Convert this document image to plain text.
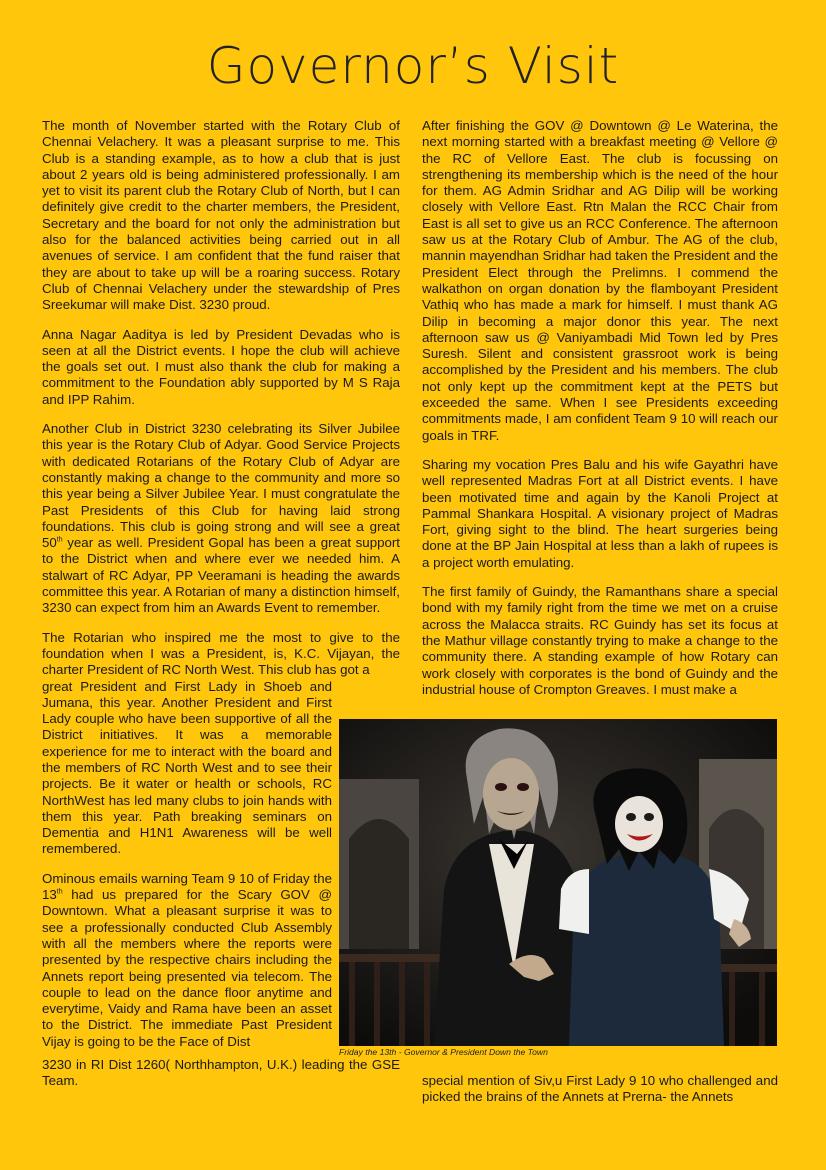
Governor’s Visit

The month of November started with the Rotary Club of Chennai Velachery. It was a pleasant surprise to me. This Club is a standing example, as to how a club that is just about 2 years old is being administered professionally. I am yet to visit its parent club the Rotary Club of North, but I can definitely give credit to the charter members, the President, Secretary and the board for not only the administration but also for the balanced activities being carried out in all avenues of service. I am confident that the fund raiser that they are about to take up will be a roaring success. Rotary Club of Chennai Velachery under the stewardship of Pres Sreekumar will make Dist. 3230 proud.

Anna Nagar Aaditya is led by President Devadas who is seen at all the District events. I hope the club will achieve the goals set out. I must also thank the club for making a commitment to the Foundation ably supported by M S Raja and IPP Rahim.

Another Club in District 3230 celebrating its Silver Jubilee this year is the Rotary Club of Adyar. Good Service Projects with dedicated Rotarians of the Rotary Club of Adyar are constantly making a change to the community and more so this year being a Silver Jubilee Year. I must congratulate the Past Presidents of this Club for having laid strong foundations. This club is going strong and will see a great 50th year as well. President Gopal has been a great support to the District when and where ever we needed him. A stalwart of RC Adyar, PP Veeramani is heading the awards committee this year. A Rotarian of many a distinction himself, 3230 can expect from him an Awards Event to remember.

The Rotarian who inspired me the most to give to the foundation when I was a President, is, K.C. Vijayan, the charter President of RC North West. This club has got a

great President and First Lady in Shoeb and Jumana, this year. Another President and First Lady couple who have been supportive of all the District initiatives. It was a memorable experience for me to interact with the board and the members of RC North West and to see their projects. Be it water or health or schools, RC NorthWest has led many clubs to join hands with them this year. Path breaking seminars on Dementia and H1N1 Awareness will be well remembered.

Ominous emails warning Team 9 10 of Friday the 13th had us prepared for the Scary GOV @ Downtown. What a pleasant surprise it was to see a professionally conducted Club Assembly with all the members where the reports were presented by the respective chairs including the Annets report being presented via telecom. The couple to lead on the dance floor anytime and everytime, Vaidy and Rama have been an asset to the District. The immediate Past President Vijay is going to be the Face of Dist

3230 in RI Dist 1260( Northhampton, U.K.) leading the GSE Team.

After finishing the GOV @ Downtown @ Le Waterina, the next morning started with a breakfast meeting @ Vellore @ the RC of Vellore East. The club is focussing on strengthening its membership which is the need of the hour for them. AG Admin Sridhar and AG Dilip will be working closely with Vellore East. Rtn Malan the RCC Chair from East is all set to give us an RCC Conference. The afternoon saw us at the Rotary Club of Ambur. The AG of the club, mannin mayendhan Sridhar had taken the President and the President Elect through the Prelimns. I commend the walkathon on organ donation by the flamboyant President Vathiq who has made a mark for himself. I must thank AG Dilip in becoming a major donor this year. The next afternoon saw us @ Vaniyambadi Mid Town led by Pres Suresh. Silent and consistent grassroot work is being accomplished by the President and his members. The club not only kept up the commitment kept at the PETS but exceeded the same. When I see Presidents exceeding commitments made, I am confident Team 9 10 will reach our goals in TRF.

Sharing my vocation Pres Balu and his wife Gayathri have well represented Madras Fort at all District events. I have been motivated time and again by the Kanoli Project at Pammal Shankara Hospital. A visionary project of Madras Fort, giving sight to the blind. The heart surgeries being done at the BP Jain Hospital at less than a lakh of rupees is a project worth emulating.

The first family of Guindy, the Ramanthans share a special bond with my family right from the time we met on a cruise across the Malacca straits. RC Guindy has set its focus at the Mathur village constantly trying to make a change to the community there. A standing example of how Rotary can work closely with corporates is the bond of Guindy and the industrial house of Crompton Greaves. I must make a

Friday the 13th - Governor & President Down the Town
special mention of Siv,u First Lady 9 10 who challenged and picked the brains of the Annets at Prerna- the Annets
